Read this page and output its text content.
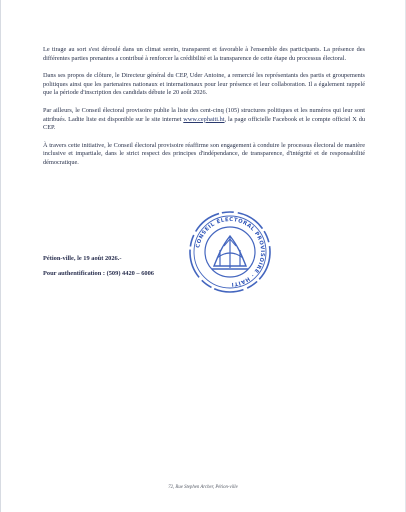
Le tirage au sort s'est déroulé dans un climat serein, transparent et favorable à l'ensemble des participants. La présence des différentes parties prenantes a contribué à renforcer la crédibilité et la transparence de cette étape du processus électoral.

Dans ses propos de clôture, le Directeur général du CEP, Uder Antoine, a remercié les représentants des partis et groupements politiques ainsi que les partenaires nationaux et internationaux pour leur présence et leur collaboration. Il a également rappelé que la période d'inscription des candidats débute le 20 août 2026.

Par ailleurs, le Conseil électoral provisoire publie la liste des cent-cinq (105) structures politiques et les numéros qui leur sont attribués. Ladite liste est disponible sur le site internet www.cephaiti.ht, la page officielle Facebook et le compte officiel X du CEP.

À travers cette initiative, le Conseil électoral provisoire réaffirme son engagement à conduire le processus électoral de manière inclusive et impartiale, dans le strict respect des principes d'indépendance, de transparence, d'intégrité et de responsabilité démocratique.

Pétion-ville, le 19 août 2026.-
Pour authentification : (509) 4420 – 6006
CONSEIL ÉLECTORAL PROVISOIRE · HAÏTI
72, Rue Stephen Archer, Pétion-ville
